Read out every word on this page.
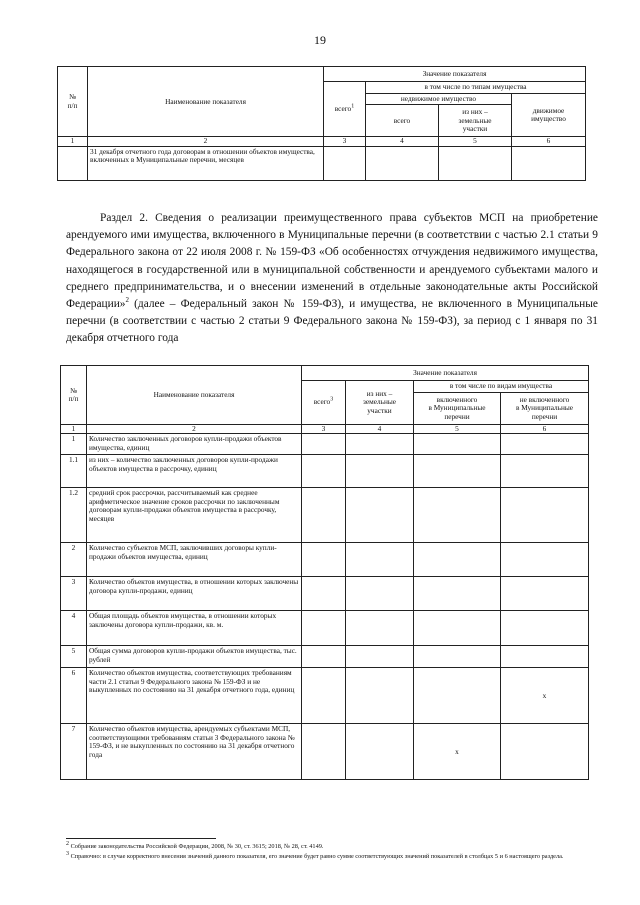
19
№
п/п	Наименование показателя	Значение показателя			
		всего$^1$	в том числе по типам имущества		
			недвижимое имущество		движимое
имущество
			всего	из них –
земельные
участки	
1	2	3	4	5	6
	31 декабря отчетного года договорам в отношении объектов имущества, включенных в Муниципальные перечни, месяцев				
Раздел 2. Сведения о реализации преимущественного права субъектов МСП на приобретение арендуемого ими имущества, включенного в Муниципальные перечни (в соответствии с частью 2.1 статьи 9 Федерального закона от 22 июля 2008 г. № 159-ФЗ «Об особенностях отчуждения недвижимого имущества, находящегося в государственной или в муниципальной собственности и арендуемого субъектами малого и среднего предпринимательства, и о внесении изменений в отдельные законодательные акты Российской Федерации»$^2$ (далее – Федеральный закон № 159-ФЗ), и имущества, не включенного в Муниципальные перечни (в соответствии с частью 2 статьи 9 Федерального закона № 159-ФЗ), за период с 1 января по 31 декабря отчетного года
№
п/п	Наименование показателя	Значение показателя			
		всего$^3$	из них –
земельные
участки	в том числе по видам имущества	
				включенного
в Муниципальные
перечни	не включенного
в Муниципальные
перечни
1	2	3	4	5	6
1	Количество заключенных договоров купли-продажи объектов имущества, единиц				
1.1	из них – количество заключенных договоров купли-продажи объектов имущества в рассрочку, единиц				
1.2	средний срок рассрочки, рассчитываемый как среднее арифметическое значение сроков рассрочки по заключенным договорам купли-продажи объектов имущества в рассрочку, месяцев				
2	Количество субъектов МСП, заключивших договоры купли-продажи объектов имущества, единиц				
3	Количество объектов имущества, в отношении которых заключены договора купли-продажи, единиц				
4	Общая площадь объектов имущества, в отношении которых заключены договора купли-продажи, кв. м.				
5	Общая сумма договоров купли-продажи объектов имущества, тыс. рублей				
6	Количество объектов имущества, соответствующих требованиям части 2.1 статьи 9 Федерального закона № 159-ФЗ и не выкупленных по состоянию на 31 декабря отчетного года, единиц				x
7	Количество объектов имущества, арендуемых субъектами МСП, соответствующими требованиям статьи 3 Федерального закона № 159-ФЗ, и не выкупленных по состоянию на 31 декабря отчетного года			x	
$^2$ Собрание законодательства Российской Федерации, 2008, № 30, ст. 3615; 2018, № 28, ст. 4149.
$^3$ Справочно: в случае корректного внесения значений данного показателя, его значение будет равно сумме соответствующих значений показателей в столбцах 5 и 6 настоящего раздела.
